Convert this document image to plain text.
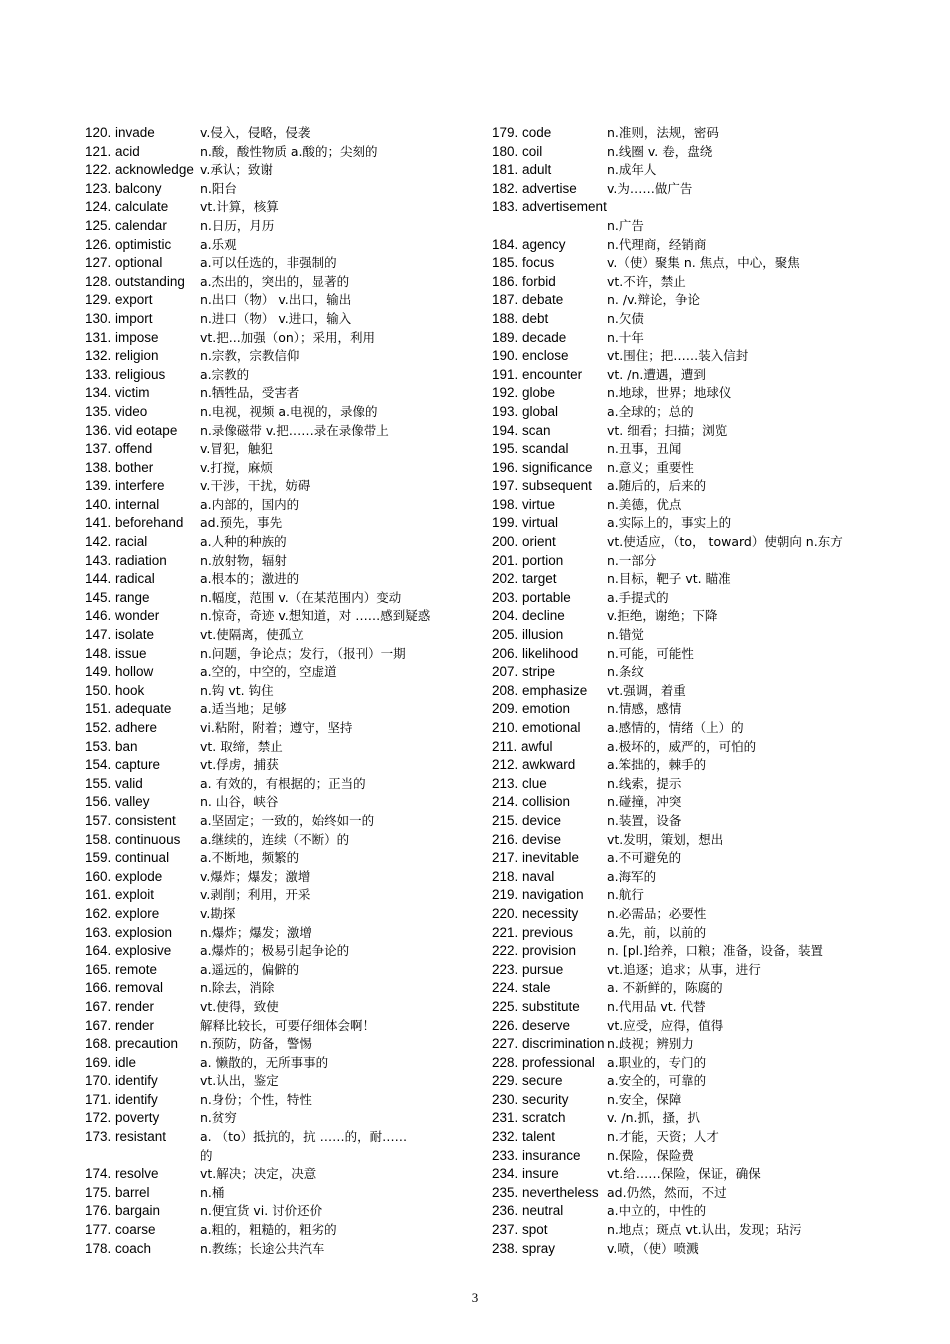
120. invade	v.侵入，侵略，侵袭
121. acid	n.酸，酸性物质 a.酸的；尖刻的
122. acknowledge v.承认；致谢
123. balcony	n.阳台
124. calculate	vt.计算，核算
125. calendar	n.日历，月历
126. optimistic	a.乐观
127. optional	a.可以任选的，非强制的
128. outstanding	a.杰出的，突出的，显著的
129. export	n.出口（物） v.出口，输出
130. import	n.进口（物） v.进口，输入
131. impose	vt.把...加强（on）；采用，利用
132. religion	n.宗教，宗教信仰
133. religious	a.宗教的
134. victim	n.牺牲品，受害者
135. video	n.电视，视频 a.电视的，录像的
136. vid eotape	n.录像磁带 v.把……录在录像带上
137. offend	v.冒犯，触犯
138. bother	v.打搅，麻烦
139. interfere	v.干涉，干扰，妨碍
140. internal	a.内部的，国内的
141. beforehand	ad.预先，事先
142. racial	a.人种的种族的
143. radiation	n.放射物，辐射
144. radical	a.根本的；激进的
145. range	n.幅度，范围 v.（在某范围内）变动
146. wonder	n.惊奇，奇迹 v.想知道，对 ……感到疑惑
147. isolate	vt.使隔离，使孤立
148. issue	n.问题，争论点；发行，（报刊）一期
149. hollow	a.空的，中空的，空虚道
150. hook	n.钩 vt. 钩住
151. adequate	a.适当地；足够
152. adhere	vi.粘附，附着；遵守，坚持
153. ban	vt. 取缔，禁止
154. capture	vt.俘虏，捕获
155. valid	a. 有效的，有根据的；正当的
156. valley	n. 山谷，峡谷
157. consistent	a.坚固定；一致的，始终如一的
158. continuous	a.继续的，连续（不断）的
159. continual	a.不断地，频繁的
160. explode	v.爆炸；爆发；激增
161. exploit	v.剥削；利用，开采
162. explore	v.勘探
163. explosion	n.爆炸；爆发；激增
164. explosive	a.爆炸的；极易引起争论的
165. remote	a.遥远的，偏僻的
166. removal	n.除去，消除
167. render	vt.使得，致使
167. render	解释比较长，可要仔细体会啊！
168. precaution	n.预防，防备，警惕
169. idle	a. 懒散的，无所事事的
170. identify	vt.认出，鉴定
171. identify	n.身份；个性，特性
172. poverty	n.贫穷
173. resistant	a. （to）抵抗的，抗 ……的，耐……
的
174. resolve	vt.解决；决定，决意
175. barrel	n.桶
176. bargain	n.便宜货 vi. 讨价还价
177. coarse	a.粗的，粗糙的，粗劣的
178. coach	n.教练；长途公共汽车
179. code	n.准则，法规，密码
180. coil	n.线圈 v. 卷，盘绕
181. adult	n.成年人
182. advertise	v.为……做广告
183. advertisement
n.广告
184. agency	n.代理商，经销商
185. focus	v.（使）聚集 n. 焦点，中心，聚焦
186. forbid	vt.不许，禁止
187. debate	n. /v.辩论，争论
188. debt	n.欠债
189. decade	n.十年
190. enclose	vt.围住；把……装入信封
191. encounter	vt. /n.遭遇，遭到
192. globe	n.地球，世界；地球仪
193. global	a.全球的；总的
194. scan	vt. 细看；扫描；浏览
195. scandal	n.丑事，丑闻
196. significance	n.意义；重要性
197. subsequent	a.随后的，后来的
198. virtue	n.美德，优点
199. virtual	a.实际上的，事实上的
200. orient	vt.使适应，（to， toward）使朝向 n.东方
201. portion	n.一部分
202. target	n.目标，靶子 vt. 瞄准
203. portable	a.手提式的
204. decline	v.拒绝，谢绝；下降
205. illusion	n.错觉
206. likelihood	n.可能，可能性
207. stripe	n.条纹
208. emphasize	vt.强调，着重
209. emotion	n.情感，感情
210. emotional	a.感情的，情绪（上）的
211. awful	a.极坏的，威严的，可怕的
212. awkward	a.笨拙的，棘手的
213. clue	n.线索，提示
214. collision	n.碰撞，冲突
215. device	n.装置，设备
216. devise	vt.发明，策划，想出
217. inevitable	a.不可避免的
218. naval	a.海军的
219. navigation	n.航行
220. necessity	n.必需品；必要性
221. previous	a.先，前，以前的
222. provision	n. [pl.]给养，口粮；准备，设备，装置
223. pursue	vt.追逐；追求；从事，进行
224. stale	a. 不新鲜的，陈腐的
225. substitute	n.代用品 vt. 代替
226. deserve	vt.应受，应得，值得
227. discrimination n.歧视；辨别力
228. professional a.职业的，专门的
229. secure	a.安全的，可靠的
230. security	n.安全，保障
231. scratch	v. /n.抓，搔，扒
232. talent	n.才能，天资；人才
233. insurance	n.保险，保险费
234. insure	vt.给……保险，保证，确保
235. nevertheless ad.仍然，然而，不过
236. neutral	a.中立的，中性的
237. spot	n.地点；斑点 vt.认出，发现；玷污
238. spray	v.喷，（使）喷溅
3
